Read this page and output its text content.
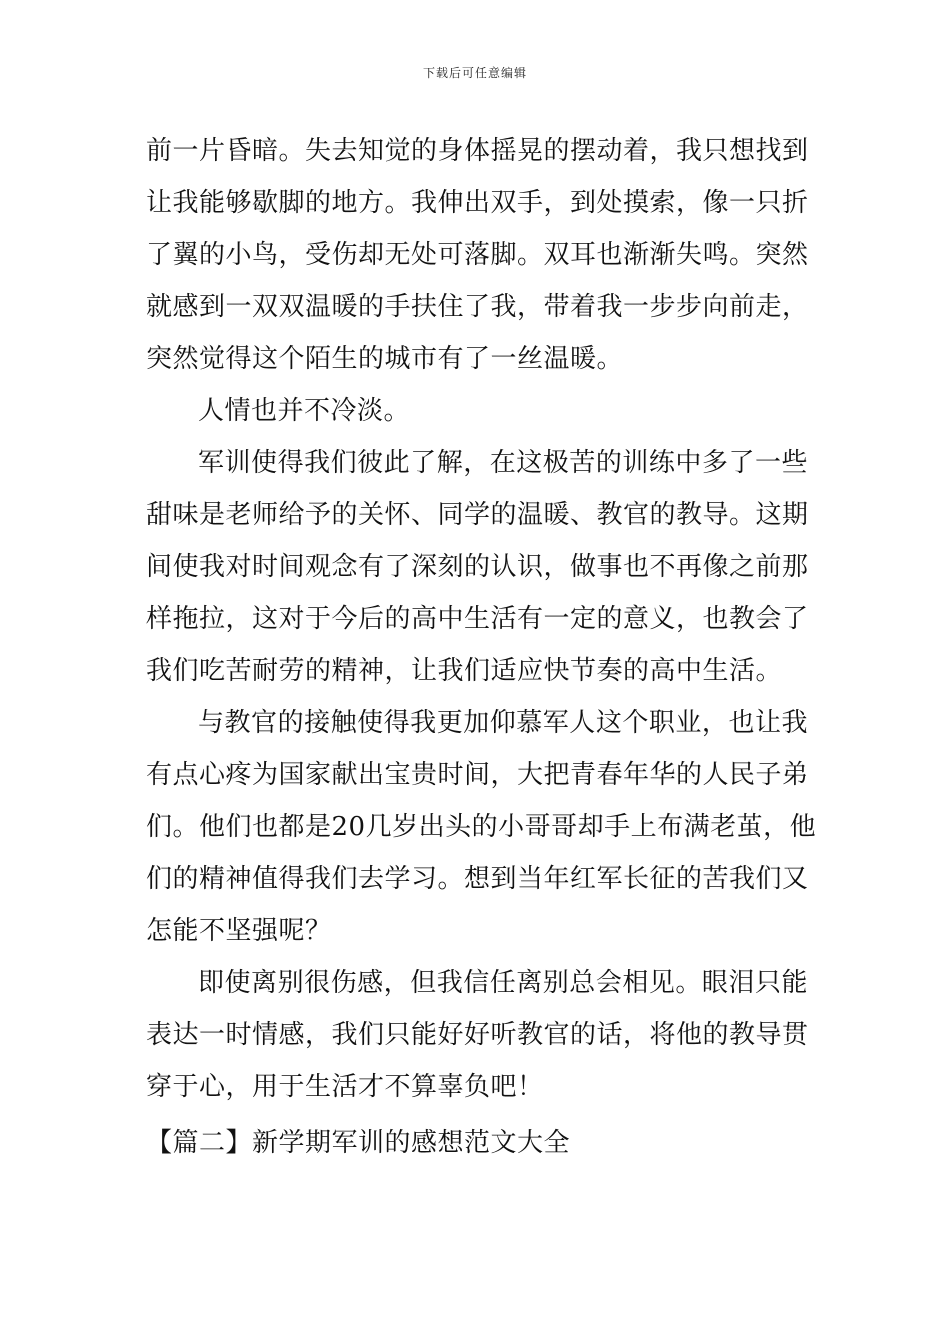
下载后可任意编辑
前一片昏暗。失去知觉的身体摇晃的摆动着，我只想找到
让我能够歇脚的地方。我伸出双手，到处摸索，像一只折
了翼的小鸟，受伤却无处可落脚。双耳也渐渐失鸣。突然
就感到一双双温暖的手扶住了我，带着我一步步向前走，
突然觉得这个陌生的城市有了一丝温暖。
人情也并不冷淡。
军训使得我们彼此了解，在这极苦的训练中多了一些
甜味是老师给予的关怀、同学的温暖、教官的教导。这期
间使我对时间观念有了深刻的认识，做事也不再像之前那
样拖拉，这对于今后的高中生活有一定的意义，也教会了
我们吃苦耐劳的精神，让我们适应快节奏的高中生活。
与教官的接触使得我更加仰慕军人这个职业，也让我
有点心疼为国家献出宝贵时间，大把青春年华的人民子弟
们。他们也都是20几岁出头的小哥哥却手上布满老茧，他
们的精神值得我们去学习。想到当年红军长征的苦我们又
怎能不坚强呢？
即使离别很伤感，但我信任离别总会相见。眼泪只能
表达一时情感，我们只能好好听教官的话，将他的教导贯
穿于心，用于生活才不算辜负吧！
【篇二】新学期军训的感想范文大全
